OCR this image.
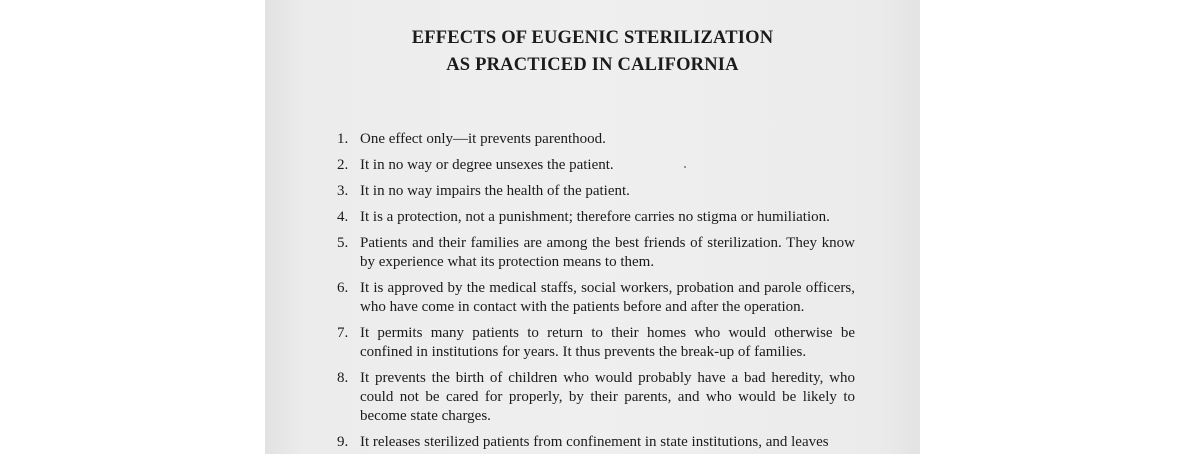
EFFECTS OF EUGENIC STERILIZATION
AS PRACTICED IN CALIFORNIA
1. One effect only—it prevents parenthood.
2. It in no way or degree unsexes the patient.
3. It in no way impairs the health of the patient.
4. It is a protection, not a punishment; therefore carries no stigma or humiliation.
5. Patients and their families are among the best friends of sterilization. They know by experience what its protection means to them.
6. It is approved by the medical staffs, social workers, probation and parole officers, who have come in contact with the patients before and after the operation.
7. It permits many patients to return to their homes who would otherwise be confined in institutions for years. It thus prevents the break-up of families.
8. It prevents the birth of children who would probably have a bad heredity, who could not be cared for properly, by their parents, and who would be likely to become state charges.
9. It releases sterilized patients from confinement in state institutions, and leaves
